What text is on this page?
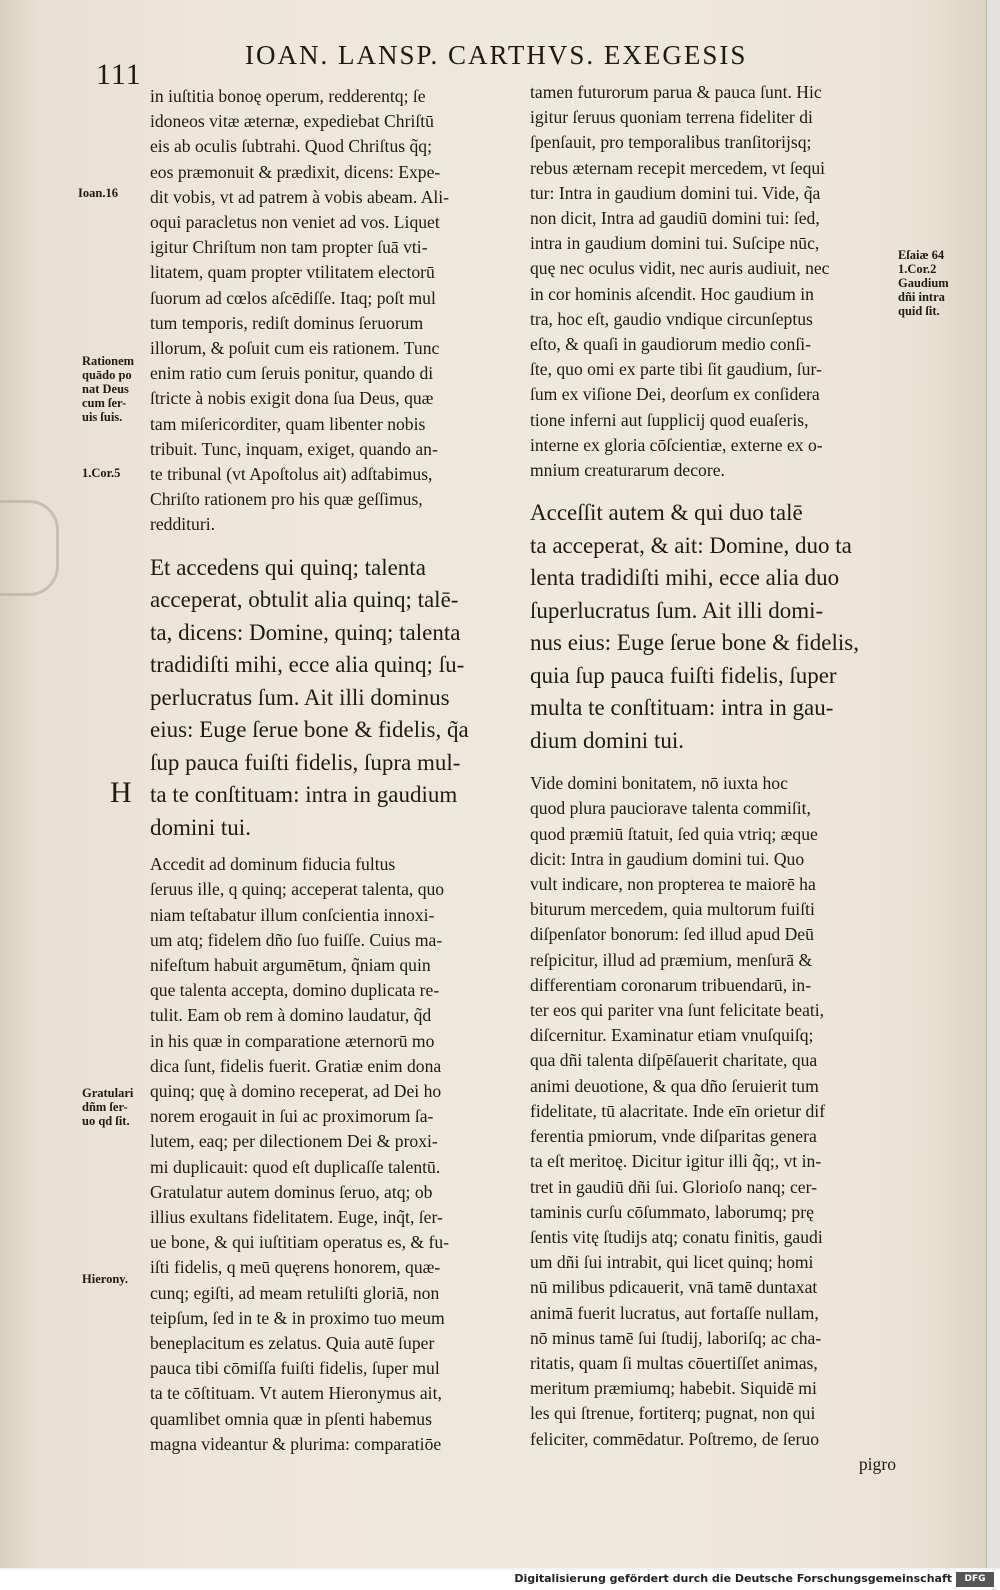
111
IOAN. LANSP. CARTHVS. EXEGESIS
in iuſtitia bonoę operum, redderentq; ſe
idoneos vitæ æternæ, expediebat Chriſtū
eis ab oculis ſubtrahi. Quod Chriſtus q̃q;
eos præmonuit & prædixit, dicens: Expe-
dit vobis, vt ad patrem à vobis abeam. Ali-
oqui paracletus non veniet ad vos. Liquet
igitur Chriſtum non tam propter ſuā vti-
litatem, quam propter vtilitatem electorū
ſuorum ad cœlos aſcēdiſſe. Itaq; poſt mul
tum temporis, rediſt dominus ſeruorum
illorum, & poſuit cum eis rationem. Tunc
enim ratio cum ſeruis ponitur, quando di
ſtricte à nobis exigit dona ſua Deus, quæ
tam miſericorditer, quam libenter nobis
tribuit. Tunc, inquam, exiget, quando an-
te tribunal (vt Apoſtolus ait) adſtabimus,
Chriſto rationem pro his quæ geſſimus,
reddituri.
Et accedens qui quinq; talenta
acceperat, obtulit alia quinq; talē-
ta, dicens: Domine, quinq; talenta
tradidiſti mihi, ecce alia quinq; ſu-
perlucratus ſum. Ait illi dominus
eius: Euge ſerue bone & fidelis, q̃a
ſup pauca fuiſti fidelis, ſupra mul-
ta te conſtituam: intra in gaudium
domini tui.
Accedit ad dominum fiducia fultus
ſeruus ille, q quinq; acceperat talenta, quo
niam teſtabatur illum conſcientia innoxi-
um atq; fidelem dño ſuo fuiſſe. Cuius ma-
nifeſtum habuit argumētum, q̃niam quin
que talenta accepta, domino duplicata re-
tulit. Eam ob rem à domino laudatur, q̃d
in his quæ in comparatione æternorū mo
dica ſunt, fidelis fuerit. Gratiæ enim dona
quinq; quę à domino receperat, ad Dei ho
norem erogauit in ſui ac proximorum ſa-
lutem, eaq; per dilectionem Dei & proxi-
mi duplicauit: quod eſt duplicaſſe talentū.
Gratulatur autem dominus ſeruo, atq; ob
illius exultans fidelitatem. Euge, inq̃t, ſer-
ue bone, & qui iuſtitiam operatus es, & fu-
iſti fidelis, q meū quęrens honorem, quæ-
cunq; egiſti, ad meam retuliſti gloriā, non
teipſum, ſed in te & in proximo tuo meum
beneplacitum es zelatus. Quia autē ſuper
pauca tibi cōmiſſa fuiſti fidelis, ſuper mul
ta te cōſtituam. Vt autem Hieronymus ait,
quamlibet omnia quæ in pſenti habemus
magna videantur & plurima: comparatiōe
tamen futurorum parua & pauca ſunt. Hic
igitur ſeruus quoniam terrena fideliter di
ſpenſauit, pro temporalibus tranſitorijsq;
rebus æternam recepit mercedem, vt ſequi
tur: Intra in gaudium domini tui. Vide, q̃a
non dicit, Intra ad gaudiū domini tui: ſed,
intra in gaudium domini tui. Suſcipe nūc,
quę nec oculus vidit, nec auris audiuit, nec
in cor hominis aſcendit. Hoc gaudium in
tra, hoc eſt, gaudio vndique circunſeptus
eſto, & quaſi in gaudiorum medio conſi-
ſte, quo omi ex parte tibi ſit gaudium, ſur-
ſum ex viſione Dei, deorſum ex conſidera
tione inferni aut ſupplicij quod euaſeris,
interne ex gloria cōſcientiæ, externe ex o-
mnium creaturarum decore.
Acceſſit autem & qui duo talē
ta acceperat, & ait: Domine, duo ta
lenta tradidiſti mihi, ecce alia duo
ſuperlucratus ſum. Ait illi domi-
nus eius: Euge ſerue bone & fidelis,
quia ſup pauca fuiſti fidelis, ſuper
multa te conſtituam: intra in gau-
dium domini tui.
Vide domini bonitatem, nō iuxta hoc
quod plura pauciorave talenta commiſit,
quod præmiū ſtatuit, ſed quia vtriq; æque
dicit: Intra in gaudium domini tui. Quo
vult indicare, non propterea te maiorē ha
biturum mercedem, quia multorum fuiſti
diſpenſator bonorum: ſed illud apud Deū
reſpicitur, illud ad præmium, menſurā &
differentiam coronarum tribuendarū, in-
ter eos qui pariter vna ſunt felicitate beati,
diſcernitur. Examinatur etiam vnuſquiſq;
qua dñi talenta diſpēſauerit charitate, qua
animi deuotione, & qua dño ſeruierit tum
fidelitate, tū alacritate. Inde eīn orietur dif
ferentia pmiorum, vnde diſparitas genera
ta eſt meritoę. Dicitur igitur illi q̃q;, vt in-
tret in gaudiū dñi ſui. Glorioſo nanq; cer-
taminis curſu cōſummato, laborumq; prę
ſentis vitę ſtudijs atq; conatu finitis, gaudi
um dñi ſui intrabit, qui licet quinq; homi
nū milibus pdicauerit, vnā tamē duntaxat
animā fuerit lucratus, aut fortaſſe nullam,
nō minus tamē ſui ſtudij, laboriſq; ac cha-
ritatis, quam ſi multas cōuertiſſet animas,
meritum præmiumq; habebit. Siquidē mi
les qui ſtrenue, fortiterq; pugnat, non qui
feliciter, commēdatur. Poſtremo, de ſeruo
pigro
Ioan.16
Rationem
quādo po
nat Deus
cum ſer-
uis ſuis.
1.Cor.5
H
Gratulari
dñm ſer-
uo qd ſit.
Hierony.
Eſaiæ 64
1.Cor.2
Gaudium
dñi intra
quid ſit.
Digitalisierung gefördert durch die Deutsche Forschungsgemeinschaft	DFG
